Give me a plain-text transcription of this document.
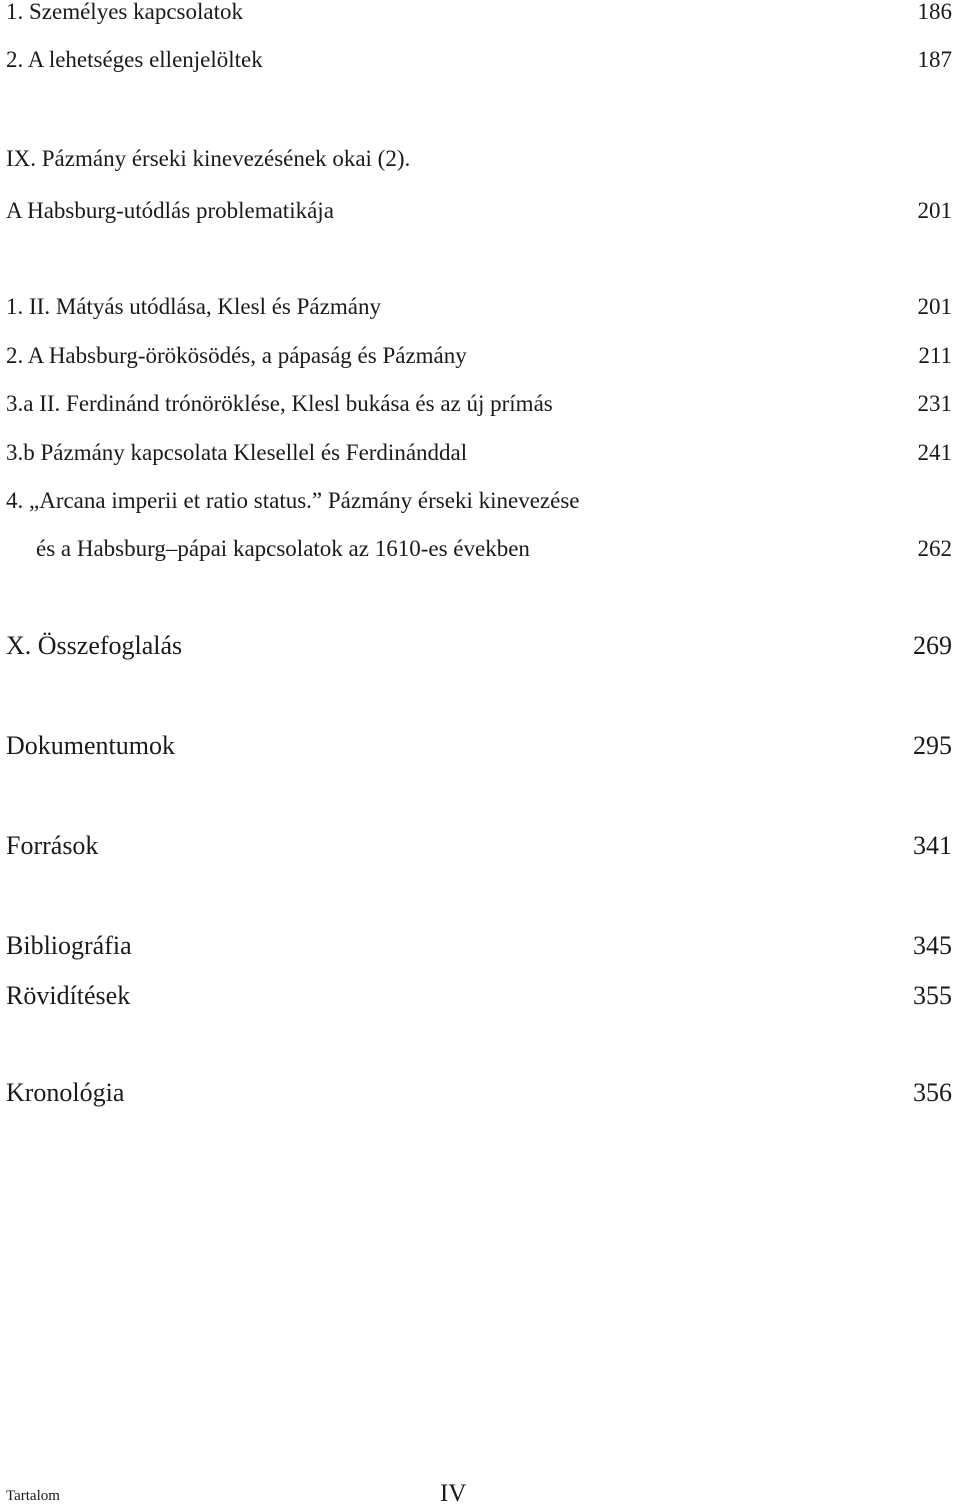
1. Személyes kapcsolatok	186
2. A lehetséges ellenjelöltek	187
IX. Pázmány érseki kinevezésének okai (2).
A Habsburg-utódlás problematikája	201
1. II. Mátyás utódlása, Klesl és Pázmány	201
2. A Habsburg-örökösödés, a pápaság és Pázmány	211
3.a II. Ferdinánd trónöröklése, Klesl bukása és az új prímás	231
3.b Pázmány kapcsolata Klesellel és Ferdinánddal	241
4. „Arcana imperii et ratio status.” Pázmány érseki kinevezése
és a Habsburg–pápai kapcsolatok az 1610-es években	262
X. Összefoglalás	269
Dokumentumok	295
Források	341
Bibliográfia	345
Rövidítések	355
Kronológia	356
Tartalom	IV
